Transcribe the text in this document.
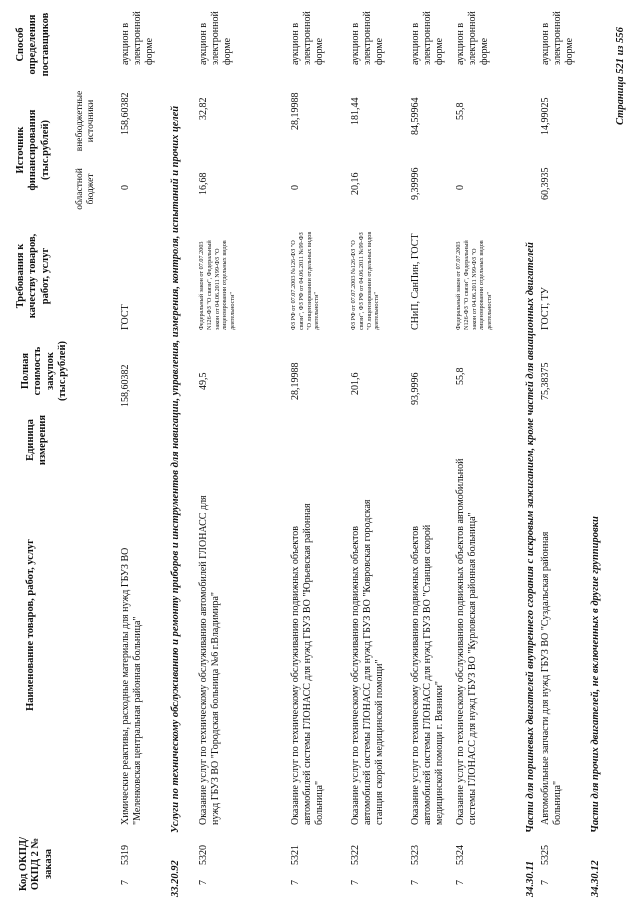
Код ОКПД/ ОКПД 2 № заказа
Наименование товаров, работ, услуг
Единица измерения
Полная стоимость закупок (тыс.рублей)
Требования к качеству товаров, работ, услуг
Источник финансирования (тыс.рублей)
областной бюджет
внебюджетные источники
Способ определения поставщиков
7
5319
Химические реактивы, расходные материалы для нужд ГБУЗ ВО "Меленковская центральная районная больница"
158,60382
ГОСТ
0
158,60382
аукцион в электронной форме
33.20.92
Услуги по техническому обслуживанию и ремонту приборов и инструментов для навигации, управления, измерения, контроля, испытаний и прочих целей
7
5320
Оказание услуг по техническому обслуживанию автомобилей ГЛОНАСС для нужд ГБУЗ ВО "Городская больница №6 г.Владимира"
49,5
Федеральный закон от 07.07.2003 N126-ФЗ "О связи", Федеральный закон от 04.06.2011 N99-ФЗ "О лицензировании отдельных видов деятельности"
16,68
32,82
аукцион в электронной форме
7
5321
Оказание услуг по техническому обслуживанию подвижных объектов автомобилей системы ГЛОНАСС для нужд ГБУЗ ВО "Юрьевская районная больница"
28,19988
ФЗ РФ от 07.07.2003 №126-ФЗ "О связи", ФЗ РФ от 04.06.2011 №99-ФЗ "О лицензировании отдельных видов деятельности"
0
28,19988
аукцион в электронной форме
7
5322
Оказание услуг по техническому обслуживанию подвижных объектов автомобилей системы ГЛОНАСС для нужд ГБУЗ ВО "Ковровская городская станция скорой медицинской помощи"
201,6
ФЗ РФ от 07.07.2003 №126-ФЗ "О связи", ФЗ РФ от 04.06.2011 №99-ФЗ "О лицензировании отдельных видов деятельности"
20,16
181,44
аукцион в электронной форме
7
5323
Оказание услуг по техническому обслуживанию подвижных объектов автомобилей системы ГЛОНАСС для нужд ГБУЗ ВО "Станция скорой медицинской помощи г. Вязники"
93,9996
СНиП, СанПин, ГОСТ
9,39996
84,59964
аукцион в электронной форме
7
5324
Оказание услуг по техническому обслуживанию подвижных объектов автомобильной системы ГЛОНАСС для нужд ГБУЗ ВО "Курловская районная больница"
55,8
Федеральный закон от 07.07.2003 N126-ФЗ "О связи", Федеральный закон от 04.06.2011 N99-ФЗ "О лицензировании отдельных видов деятельности"
0
55,8
аукцион в электронной форме
34.30.11
Части для поршневых двигателей внутреннего сгорания с искровым зажиганием, кроме частей для авиационных двигателей
7
5325
Автомобильные запчасти для нужд ГБУЗ ВО "Суздальская районная больница"
75,38375
ГОСТ, ТУ
60,3935
14,99025
аукцион в электронной форме
34.30.12
Части для прочих двигателей, не включенных в другие группировки
Страница 521 из 556
